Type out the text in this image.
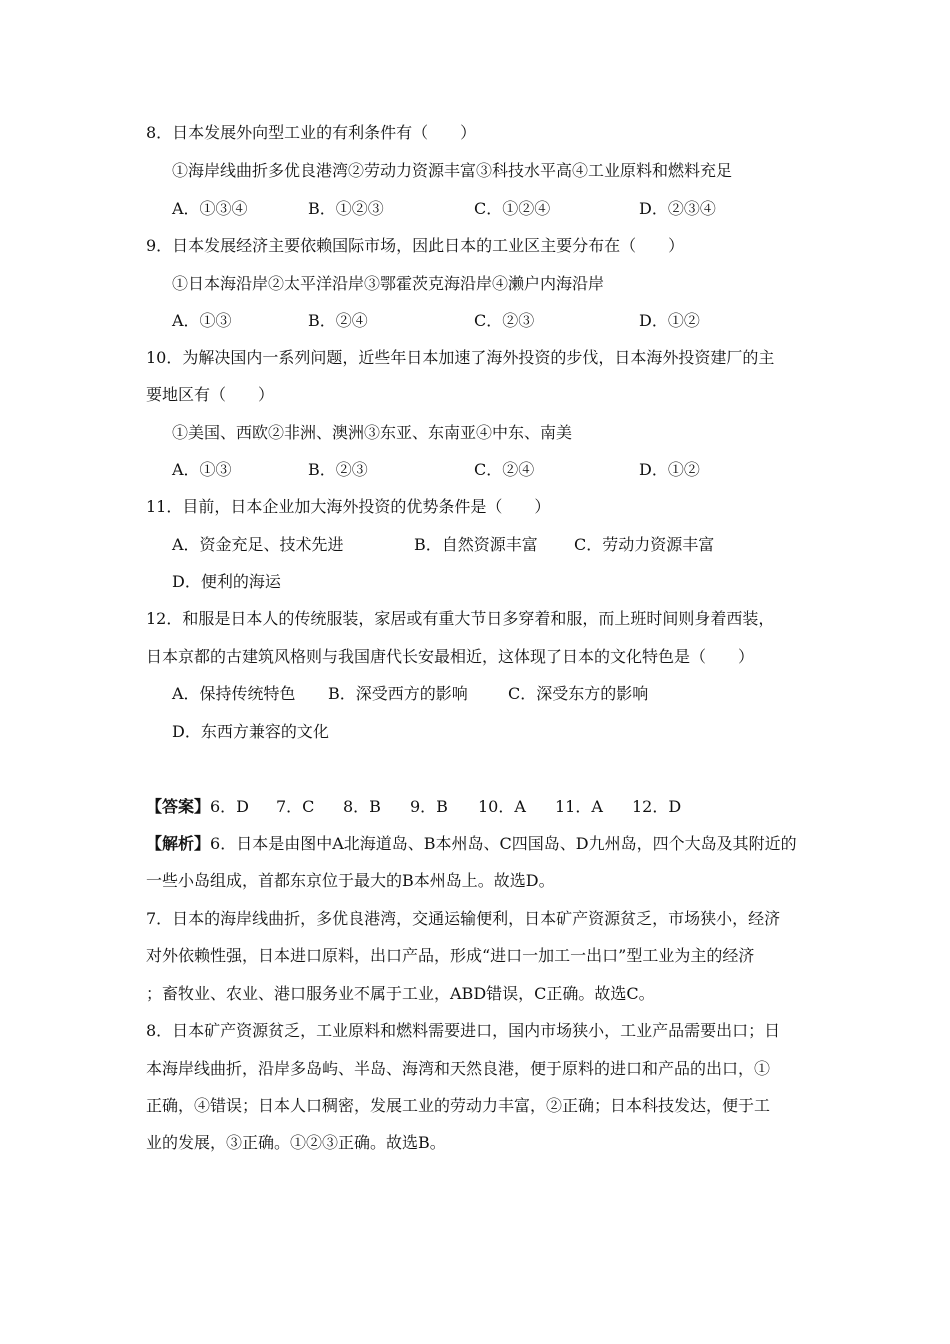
8．日本发展外向型工业的有利条件有（　　）
①海岸线曲折多优良港湾②劳动力资源丰富③科技水平高④工业原料和燃料充足
A．①③④	B．①②③	C．①②④	D．②③④
9．日本发展经济主要依赖国际市场，因此日本的工业区主要分布在（　　）
①日本海沿岸②太平洋沿岸③鄂霍茨克海沿岸④濑户内海沿岸
A．①③	B．②④	C．②③	D．①②
10．为解决国内一系列问题，近些年日本加速了海外投资的步伐，日本海外投资建厂的主
要地区有（　　）
①美国、西欧②非洲、澳洲③东亚、东南亚④中东、南美
A．①③	B．②③	C．②④	D．①②
11．目前，日本企业加大海外投资的优势条件是（　　）
A．资金充足、技术先进	B．自然资源丰富 C．劳动力资源丰富
D．便利的海运
12．和服是日本人的传统服装，家居或有重大节日多穿着和服，而上班时间则身着西装，
日本京都的古建筑风格则与我国唐代长安最相近，这体现了日本的文化特色是（　　）
A．保持传统特色 B．深受西方的影响	C．深受东方的影响
D．东西方兼容的文化
【答案】 6．D 7．C 8．B 9．B 10．A 11．A 12．D
【解析】6．日本是由图中A北海道岛、B本州岛、C四国岛、D九州岛，四个大岛及其附近的
一些小岛组成，首都东京位于最大的B本州岛上。故选D。
7．日本的海岸线曲折，多优良港湾，交通运输便利，日本矿产资源贫乏，市场狭小，经济
对外依赖性强，日本进口原料，出口产品，形成“进口一加工一出口”型工业为主的经济
；畜牧业、农业、港口服务业不属于工业，ABD错误，C正确。故选C。
8．日本矿产资源贫乏，工业原料和燃料需要进口，国内市场狭小，工业产品需要出口；日
本海岸线曲折，沿岸多岛屿、半岛、海湾和天然良港，便于原料的进口和产品的出口，①
正确，④错误；日本人口稠密，发展工业的劳动力丰富，②正确；日本科技发达，便于工
业的发展，③正确。①②③正确。故选B。
